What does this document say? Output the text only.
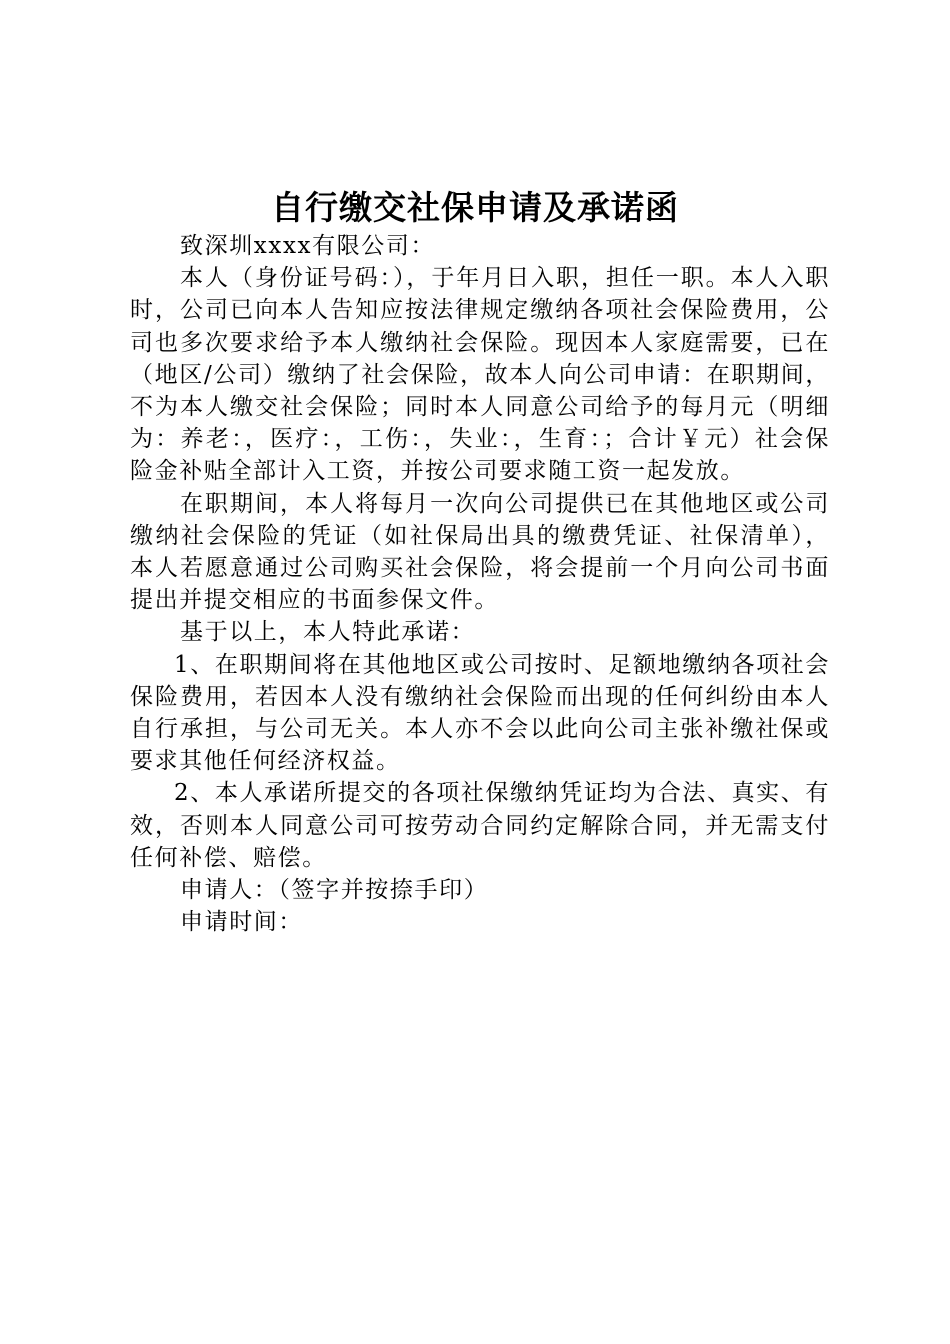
自行缴交社保申请及承诺函

致深圳xxxx有限公司：

本人（身份证号码：），于年月日入职，担任一职。本人入职时，公司已向本人告知应按法律规定缴纳各项社会保险费用，公司也多次要求给予本人缴纳社会保险。现因本人家庭需要，已在（地区/公司）缴纳了社会保险，故本人向公司申请：在职期间，不为本人缴交社会保险；同时本人同意公司给予的每月元（明细为：养老：，医疗：，工伤：，失业：，生育：；合计￥元）社会保险金补贴全部计入工资，并按公司要求随工资一起发放。

在职期间，本人将每月一次向公司提供已在其他地区或公司缴纳社会保险的凭证（如社保局出具的缴费凭证、社保清单），本人若愿意通过公司购买社会保险，将会提前一个月向公司书面提出并提交相应的书面参保文件。

基于以上，本人特此承诺：

1、在职期间将在其他地区或公司按时、足额地缴纳各项社会保险费用，若因本人没有缴纳社会保险而出现的任何纠纷由本人自行承担，与公司无关。本人亦不会以此向公司主张补缴社保或要求其他任何经济权益。

2、本人承诺所提交的各项社保缴纳凭证均为合法、真实、有效，否则本人同意公司可按劳动合同约定解除合同，并无需支付任何补偿、赔偿。

申请人：（签字并按捺手印）

申请时间：
